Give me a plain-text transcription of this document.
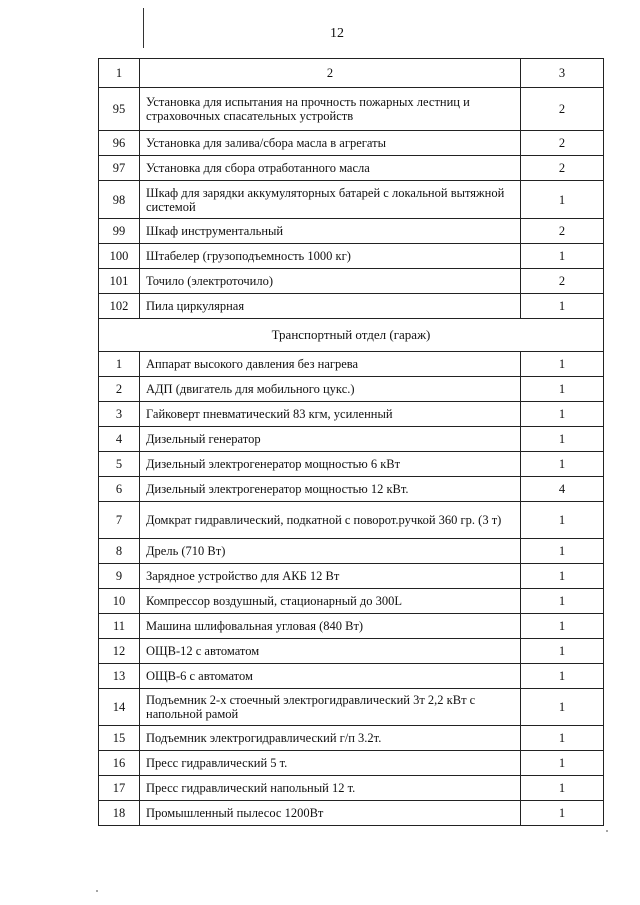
12
1	2	3
95	Установка для испытания на прочность пожарных лестниц и страховочных спасательных устройств	2
96	Установка для залива/сбора масла в агрегаты	2
97	Установка для сбора отработанного масла	2
98	Шкаф для зарядки аккумуляторных батарей с локальной вытяжной системой	1
99	Шкаф инструментальный	2
100	Штабелер (грузоподъемность 1000 кг)	1
101	Точило (электроточило)	2
102	Пила циркулярная	1
Транспортный отдел (гараж)		
1	Аппарат высокого давления без нагрева	1
2	АДП (двигатель для мобильного цукс.)	1
3	Гайковерт пневматический 83 кгм, усиленный	1
4	Дизельный генератор	1
5	Дизельный электрогенератор мощностью 6 кВт	1
6	Дизельный электрогенератор мощностью 12 кВт.	4
7	Домкрат гидравлический, подкатной с поворот.ручкой 360 гр. (3 т)	1
8	Дрель (710 Вт)	1
9	Зарядное устройство для АКБ 12 Вт	1
10	Компрессор воздушный, стационарный до 300L	1
11	Машина шлифовальная угловая (840 Вт)	1
12	ОЩВ-12 с автоматом	1
13	ОЩВ-6 с автоматом	1
14	Подъемник 2-х стоечный электрогидравлический 3т 2,2 кВт с напольной рамой	1
15	Подъемник электрогидравлический г/п 3.2т.	1
16	Пресс гидравлический 5 т.	1
17	Пресс гидравлический напольный 12 т.	1
18	Промышленный пылесос 1200Вт	1
